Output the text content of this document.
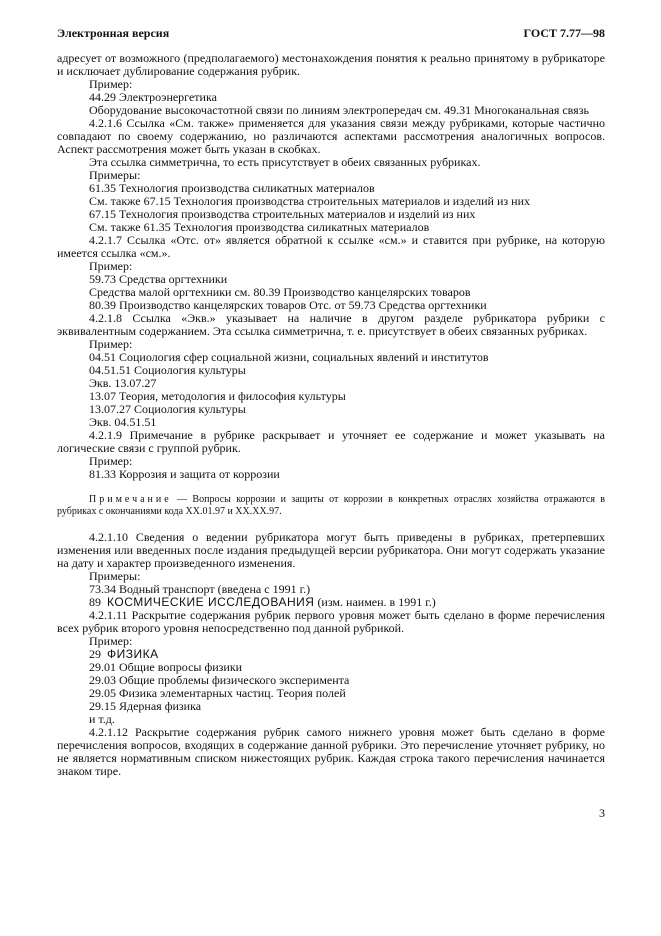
Электронная версия	ГОСТ 7.77—98

адресует от возможного (предполагаемого) местонахождения понятия к реально принятому в рубрикаторе и исключает дублирование содержания рубрик.

Пример:

44.29 Электроэнергетика

Оборудование высокочастотной связи по линиям электропередач см. 49.31 Многоканальная связь

4.2.1.6 Ссылка «См. также» применяется для указания связи между рубриками, которые частично совпадают по своему содержанию, но различаются аспектами рассмотрения аналогичных вопросов. Аспект рассмотрения может быть указан в скобках.

Эта ссылка симметрична, то есть присутствует в обеих связанных рубриках.

Примеры:

61.35 Технология производства силикатных материалов

См. также 67.15 Технология производства строительных материалов и изделий из них

67.15 Технология производства строительных материалов и изделий из них

См. также 61.35 Технология производства силикатных материалов

4.2.1.7 Ссылка «Отс. от» является обратной к ссылке «см.» и ставится при рубрике, на которую имеется ссылка «см.».

Пример:

59.73 Средства оргтехники

Средства малой оргтехники см. 80.39 Производство канцелярских товаров

80.39 Производство канцелярских товаров Отс. от 59.73 Средства оргтехники

4.2.1.8 Ссылка «Экв.» указывает на наличие в другом разделе рубрикатора рубрики с эквивалентным содержанием. Эта ссылка симметрична, т. е. присутствует в обеих связанных рубриках.

Пример:

04.51 Социология сфер социальной жизни, социальных явлений и институтов

04.51.51 Социология культуры

Экв. 13.07.27

13.07 Теория, методология и философия культуры

13.07.27 Социология культуры

Экв. 04.51.51

4.2.1.9 Примечание в рубрике раскрывает и уточняет ее содержание и может указывать на логические связи с группой рубрик.

Пример:

81.33 Коррозия и защита от коррозии

Примечание — Вопросы коррозии и защиты от коррозии в конкретных отраслях хозяйства отражаются в рубриках с окончаниями кода ХХ.01.97 и ХХ.ХХ.97.

4.2.1.10 Сведения о ведении рубрикатора могут быть приведены в рубриках, претерпевших изменения или введенных после издания предыдущей версии рубрикатора. Они могут содержать указание на дату и характер произведенного изменения.

Примеры:

73.34 Водный транспорт (введена с 1991 г.)

89 КОСМИЧЕСКИЕ ИССЛЕДОВАНИЯ (изм. наимен. в 1991 г.)

4.2.1.11 Раскрытие содержания рубрик первого уровня может быть сделано в форме перечисления всех рубрик второго уровня непосредственно под данной рубрикой.

Пример:

29 ФИЗИКА

29.01 Общие вопросы физики

29.03 Общие проблемы физического эксперимента

29.05 Физика элементарных частиц. Теория полей

29.15 Ядерная физика

и т.д.

4.2.1.12 Раскрытие содержания рубрик самого нижнего уровня может быть сделано в форме перечисления вопросов, входящих в содержание данной рубрики. Это перечисление уточняет рубрику, но не является нормативным списком нижестоящих рубрик. Каждая строка такого перечисления начинается знаком тире.

3
